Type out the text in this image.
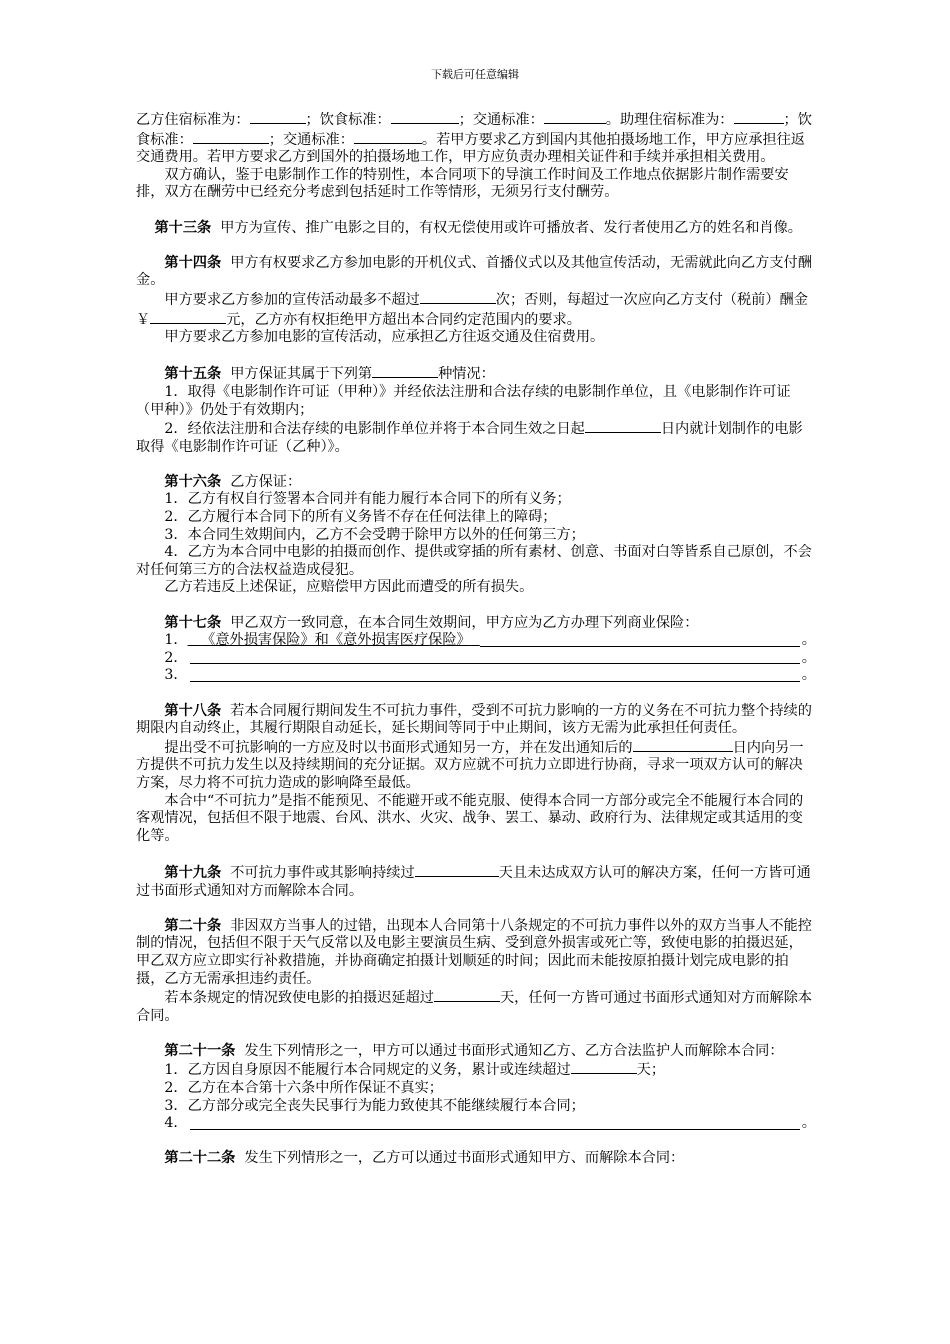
下载后可任意编辑

乙方住宿标准为：	；饮食标准：	；交通标准：	。助理住宿标准为：	；饮食标准：	；交通标准：	。若甲方要求乙方到国内其他拍摄场地工作，甲方应承担往返交通费用。若甲方要求乙方到国外的拍摄场地工作，甲方应负责办理相关证件和手续并承担相关费用。

双方确认，鉴于电影制作工作的特别性，本合同项下的导演工作时间及工作地点依据影片制作需要安排，双方在酬劳中已经充分考虑到包括延时工作等情形，无须另行支付酬劳。

第十三条 甲方为宣传、推广电影之目的，有权无偿使用或许可播放者、发行者使用乙方的姓名和肖像。

第十四条 甲方有权要求乙方参加电影的开机仪式、首播仪式以及其他宣传活动，无需就此向乙方支付酬金。

甲方要求乙方参加的宣传活动最多不超过	次；否则，每超过一次应向乙方支付（税前）酬金￥	元，乙方亦有权拒绝甲方超出本合同约定范围内的要求。

甲方要求乙方参加电影的宣传活动，应承担乙方往返交通及住宿费用。

第十五条 甲方保证其属于下列第	种情况：

1．取得《电影制作许可证（甲种）》并经依法注册和合法存续的电影制作单位，且《电影制作许可证（甲种）》仍处于有效期内；

2．经依法注册和合法存续的电影制作单位并将于本合同生效之日起	日内就计划制作的电影取得《电影制作许可证（乙种）》。

第十六条 乙方保证：

1．乙方有权自行签署本合同并有能力履行本合同下的所有义务；

2．乙方履行本合同下的所有义务皆不存在任何法律上的障碍；

3．本合同生效期间内，乙方不会受聘于除甲方以外的任何第三方；

4．乙方为本合同中电影的拍摄而创作、提供或穿插的所有素材、创意、书面对白等皆系自己原创，不会对任何第三方的合法权益造成侵犯。

乙方若违反上述保证，应赔偿甲方因此而遭受的所有损失。

第十七条 甲乙双方一致同意，在本合同生效期间，甲方应为乙方办理下列商业保险：

1． 《意外损害保险》和《意外损害医疗保险》	。
2．	。
3．	。

第十八条 若本合同履行期间发生不可抗力事件，受到不可抗力影响的一方的义务在不可抗力整个持续的期限内自动终止，其履行期限自动延长，延长期间等同于中止期间，该方无需为此承担任何责任。

提出受不可抗影响的一方应及时以书面形式通知另一方，并在发出通知后的	日内向另一方提供不可抗力发生以及持续期间的充分证据。双方应就不可抗力立即进行协商，寻求一项双方认可的解决方案，尽力将不可抗力造成的影响降至最低。

本合中“不可抗力”是指不能预见、不能避开或不能克服、使得本合同一方部分或完全不能履行本合同的客观情况，包括但不限于地震、台风、洪水、火灾、战争、罢工、暴动、政府行为、法律规定或其适用的变化等。

第十九条 不可抗力事件或其影响持续过	天且未达成双方认可的解决方案，任何一方皆可通过书面形式通知对方而解除本合同。

第二十条 非因双方当事人的过错，出现本人合同第十八条规定的不可抗力事件以外的双方当事人不能控制的情况，包括但不限于天气反常以及电影主要演员生病、受到意外损害或死亡等，致使电影的拍摄迟延，甲乙双方应立即实行补救措施，并协商确定拍摄计划顺延的时间；因此而未能按原拍摄计划完成电影的拍摄，乙方无需承担违约责任。

若本条规定的情况致使电影的拍摄迟延超过	天，任何一方皆可通过书面形式通知对方而解除本合同。

第二十一条 发生下列情形之一，甲方可以通过书面形式通知乙方、乙方合法监护人而解除本合同：

1．乙方因自身原因不能履行本合同规定的义务，累计或连续超过	天；

2．乙方在本合第十六条中所作保证不真实；

3．乙方部分或完全丧失民事行为能力致使其不能继续履行本合同；

4．	。

第二十二条 发生下列情形之一，乙方可以通过书面形式通知甲方、而解除本合同：
